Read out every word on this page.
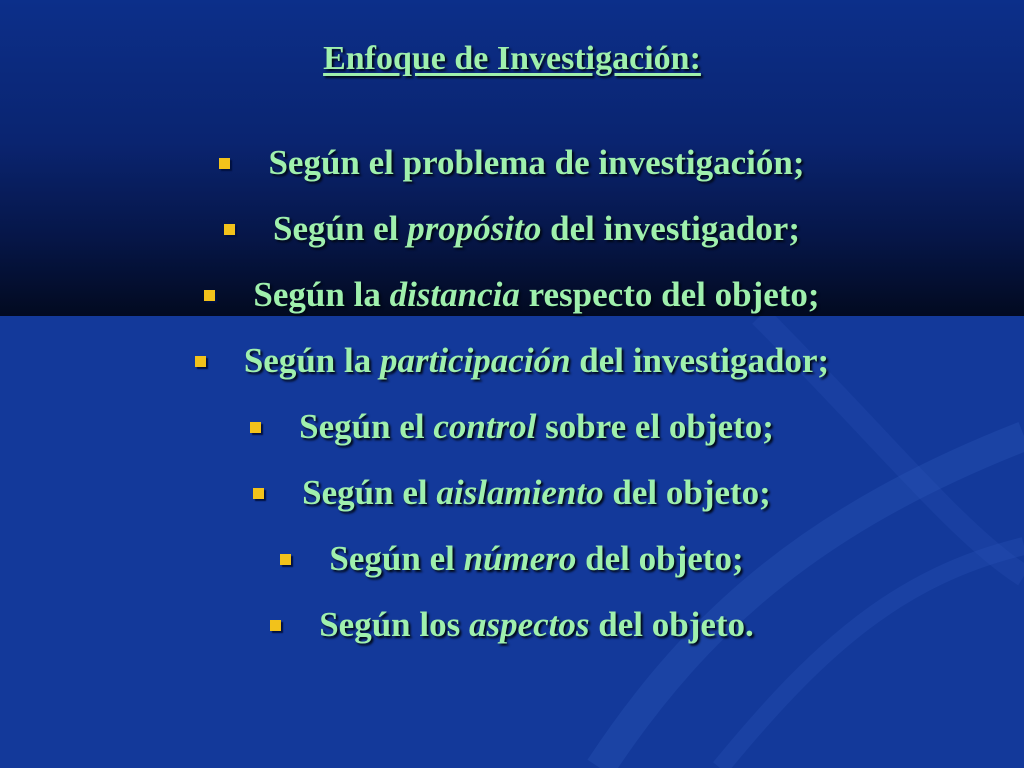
Enfoque de Investigación:
Según el problema de investigación;
Según el propósito del investigador;
Según la distancia respecto del objeto;
Según la participación del investigador;
Según el control sobre el objeto;
Según el aislamiento del objeto;
Según el número del objeto;
Según los aspectos del objeto.
